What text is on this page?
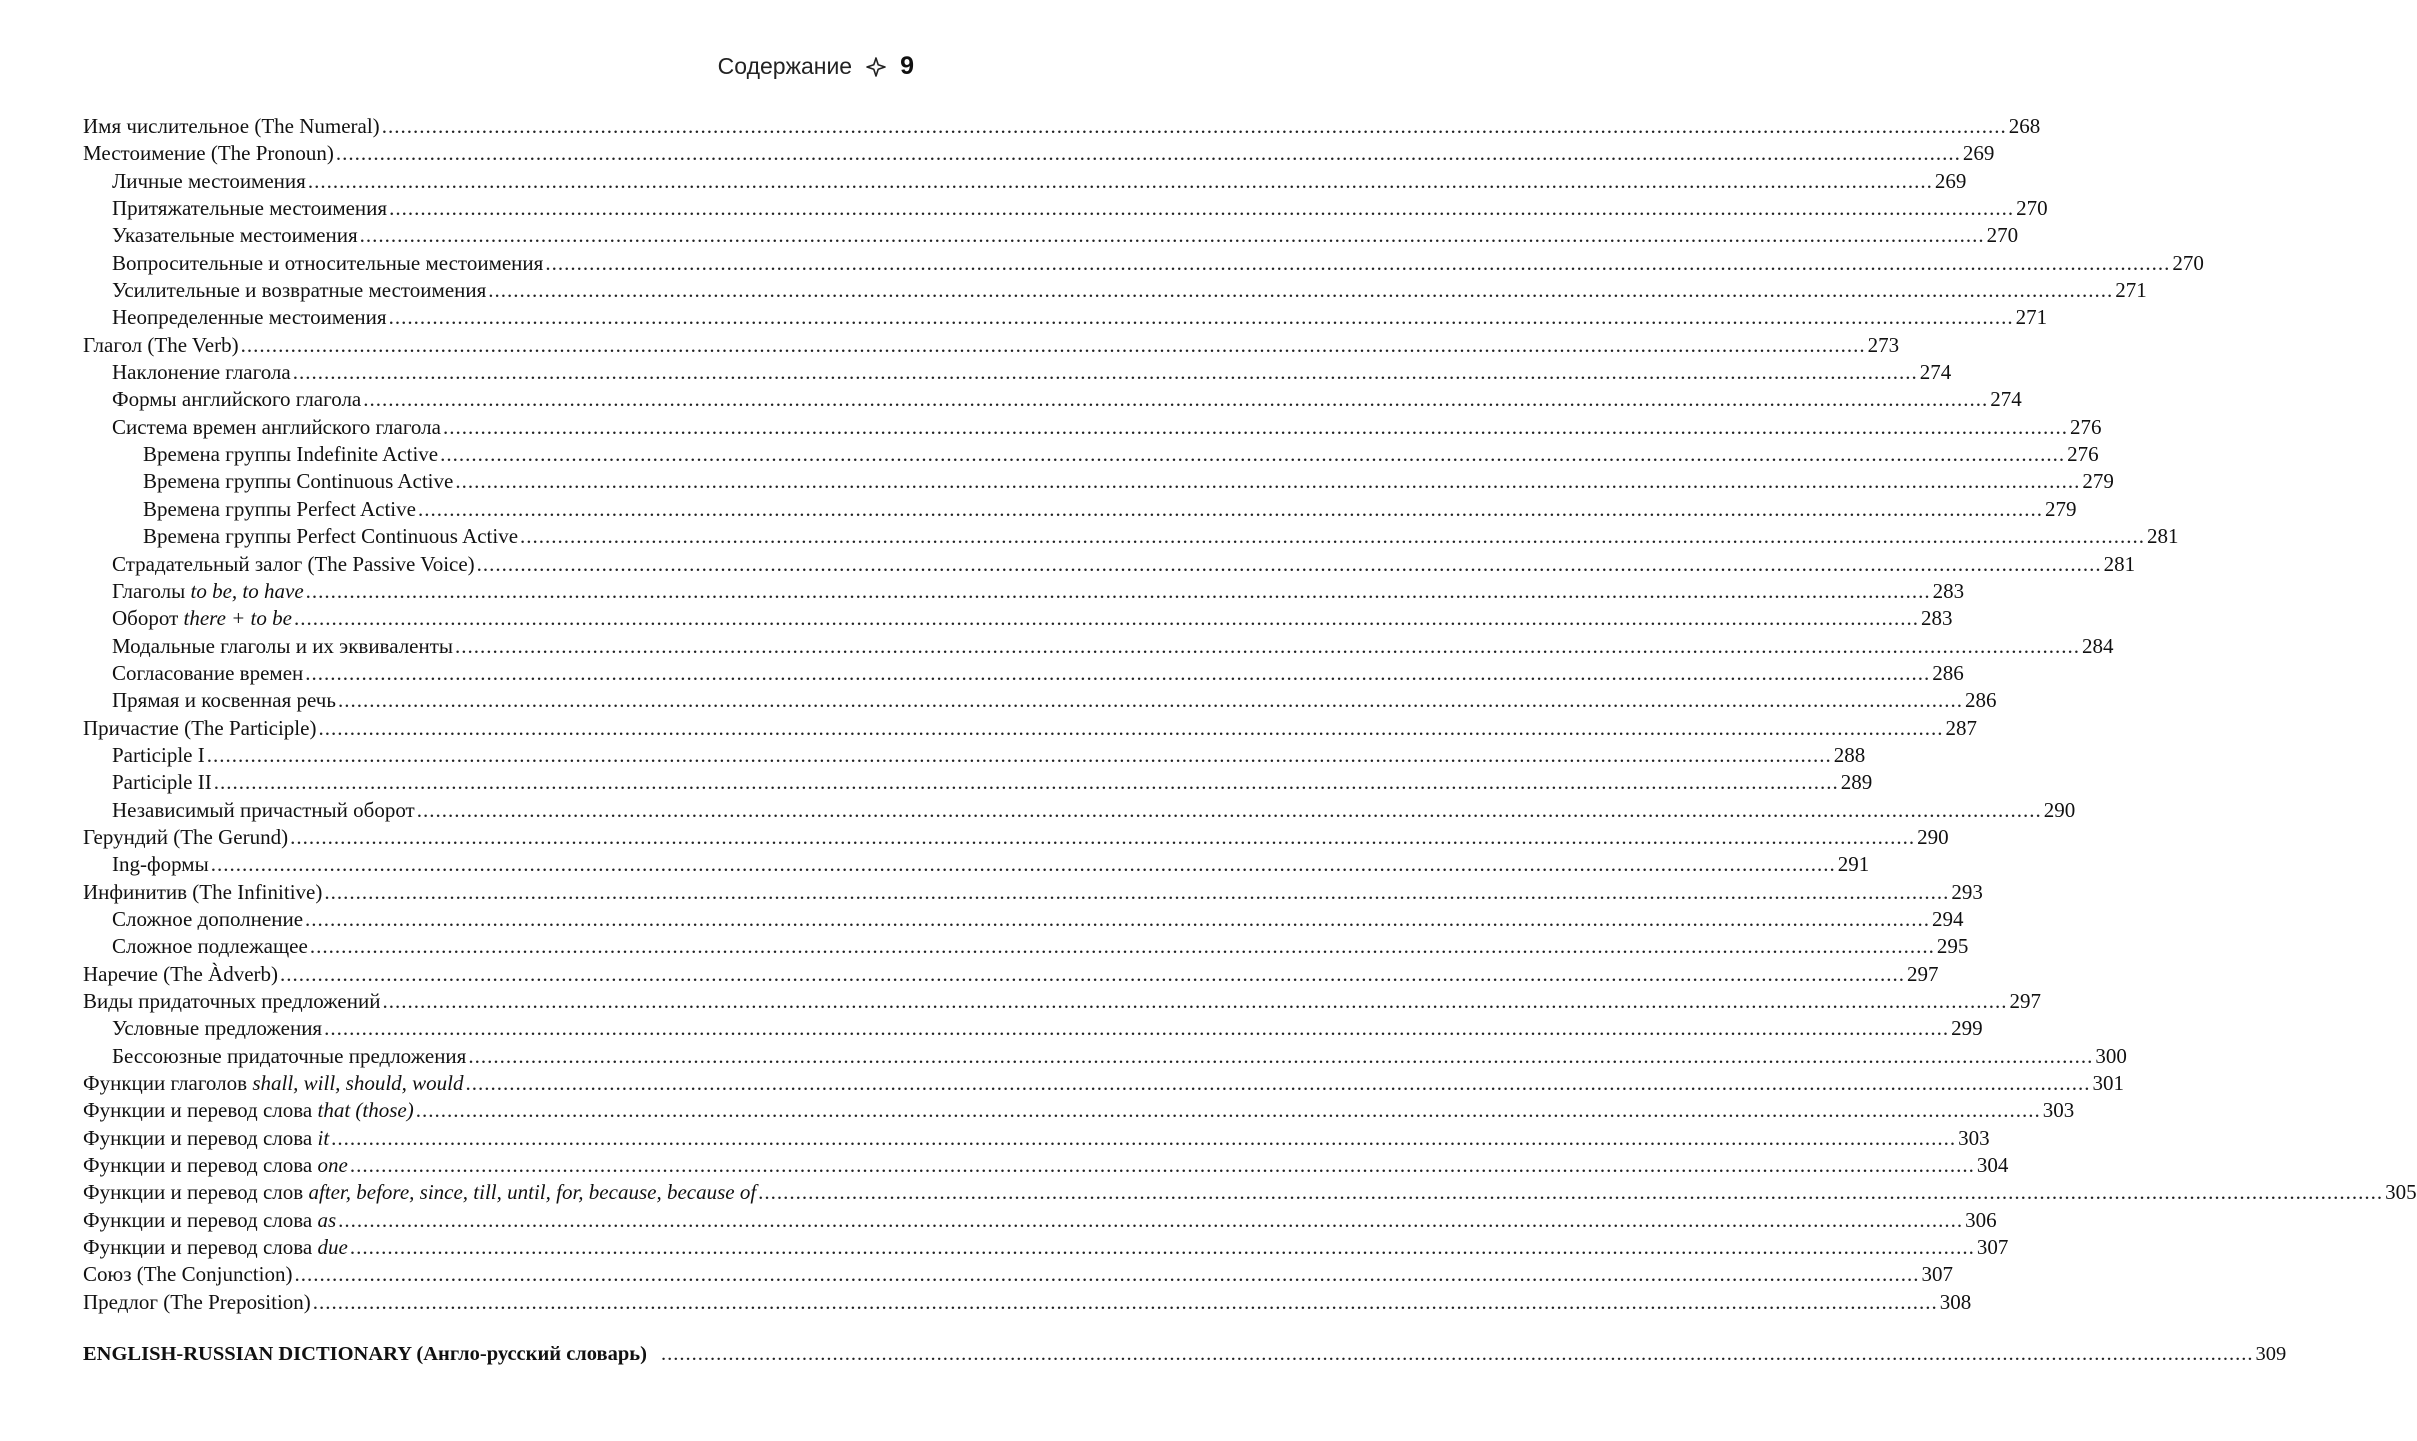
Содержание 9
Имя числительное (The Numeral) .................................................................................................................................................................................................................................................................... 268
Местоимение (The Pronoun) .................................................................................................................................................................................................................................................................... 269
Личные местоимения .................................................................................................................................................................................................................................................................... 269
Притяжательные местоимения .................................................................................................................................................................................................................................................................... 270
Указательные местоимения .................................................................................................................................................................................................................................................................... 270
Вопросительные и относительные местоимения .................................................................................................................................................................................................................................................................... 270
Усилительные и возвратные местоимения .................................................................................................................................................................................................................................................................... 271
Неопределенные местоимения .................................................................................................................................................................................................................................................................... 271
Глагол (The Verb) .................................................................................................................................................................................................................................................................... 273
Наклонение глагола .................................................................................................................................................................................................................................................................... 274
Формы английского глагола .................................................................................................................................................................................................................................................................... 274
Система времен английского глагола .................................................................................................................................................................................................................................................................... 276
Времена группы Indefinite Active .................................................................................................................................................................................................................................................................... 276
Времена группы Continuous Active .................................................................................................................................................................................................................................................................... 279
Времена группы Perfect Active .................................................................................................................................................................................................................................................................... 279
Времена группы Perfect Continuous Active .................................................................................................................................................................................................................................................................... 281
Страдательный залог (The Passive Voice) .................................................................................................................................................................................................................................................................... 281
Глаголы to be, to have .................................................................................................................................................................................................................................................................... 283
Оборот there + to be .................................................................................................................................................................................................................................................................... 283
Модальные глаголы и их эквиваленты .................................................................................................................................................................................................................................................................... 284
Согласование времен .................................................................................................................................................................................................................................................................... 286
Прямая и косвенная речь .................................................................................................................................................................................................................................................................... 286
Причастие (The Participle) .................................................................................................................................................................................................................................................................... 287
Participle I .................................................................................................................................................................................................................................................................... 288
Participle II .................................................................................................................................................................................................................................................................... 289
Независимый причастный оборот .................................................................................................................................................................................................................................................................... 290
Герундий (The Gerund) .................................................................................................................................................................................................................................................................... 290
Ing-формы .................................................................................................................................................................................................................................................................... 291
Инфинитив (The Infinitive) .................................................................................................................................................................................................................................................................... 293
Сложное дополнение .................................................................................................................................................................................................................................................................... 294
Сложное подлежащее .................................................................................................................................................................................................................................................................... 295
Наречие (The Àdverb) .................................................................................................................................................................................................................................................................... 297
Виды придаточных предложений .................................................................................................................................................................................................................................................................... 297
Условные предложения .................................................................................................................................................................................................................................................................... 299
Бессоюзные придаточные предложения .................................................................................................................................................................................................................................................................... 300
Функции глаголов shall, will, should, would .................................................................................................................................................................................................................................................................... 301
Функции и перевод слова that (those) .................................................................................................................................................................................................................................................................... 303
Функции и перевод слова it .................................................................................................................................................................................................................................................................... 303
Функции и перевод слова one .................................................................................................................................................................................................................................................................... 304
Функции и перевод слов after, before, since, till, until, for, because, because of .................................................................................................................................................................................................................................................................... 305
Функции и перевод слова as .................................................................................................................................................................................................................................................................... 306
Функции и перевод слова due .................................................................................................................................................................................................................................................................... 307
Союз (The Conjunction) .................................................................................................................................................................................................................................................................... 307
Предлог (The Preposition) .................................................................................................................................................................................................................................................................... 308
ENGLISH-RUSSIAN DICTIONARY (Англо-русский словарь) .................................................................................................................................................................................................................................................................... 309
